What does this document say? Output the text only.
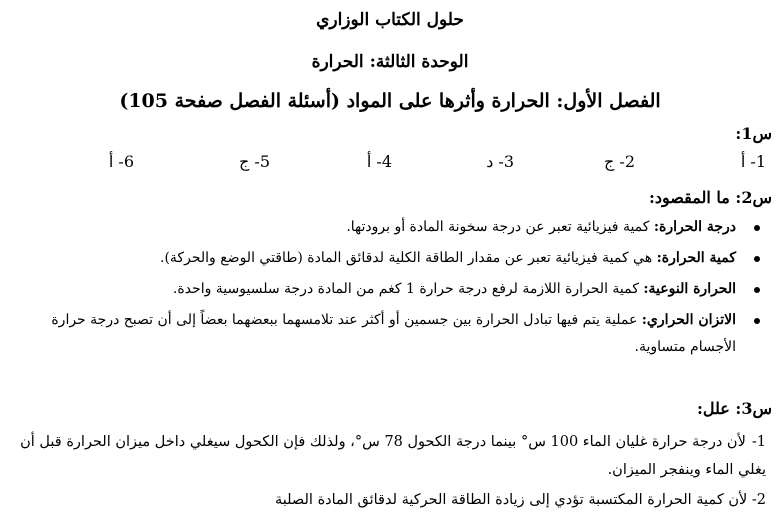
حلول الكتاب الوزاري
الوحدة الثالثة: الحرارة
الفصل الأول: الحرارة وأثرها على المواد (أسئلة الفصل صفحة 105)
س1:
1- أ
2- ج
3- د
4- أ
5- ج
6- أ
س2: ما المقصود:
درجة الحرارة: كمية فيزيائية تعبر عن درجة سخونة المادة أو برودتها.
كمية الحرارة: هي كمية فيزيائية تعبر عن مقدار الطاقة الكلية لدقائق المادة (طاقتي الوضع والحركة).
الحرارة النوعية: كمية الحرارة اللازمة لرفع درجة حرارة 1 كغم من المادة درجة سلسيوسية واحدة.
الاتزان الحراري: عملية يتم فيها تبادل الحرارة بين جسمين أو أكثر عند تلامسهما ببعضهما بعضاً إلى أن تصبح درجة حرارة الأجسام متساوية.
س3: علل:
1-لأن درجة حرارة غليان الماء 100 س° بينما درجة الكحول 78 س°، ولذلك فإن الكحول سيغلي داخل ميزان الحرارة قبل أن يغلي الماء وينفجر الميزان.
2- لأن كمية الحرارة المكتسبة تؤدي إلى زيادة الطاقة الحركية لدقائق المادة الصلبة
